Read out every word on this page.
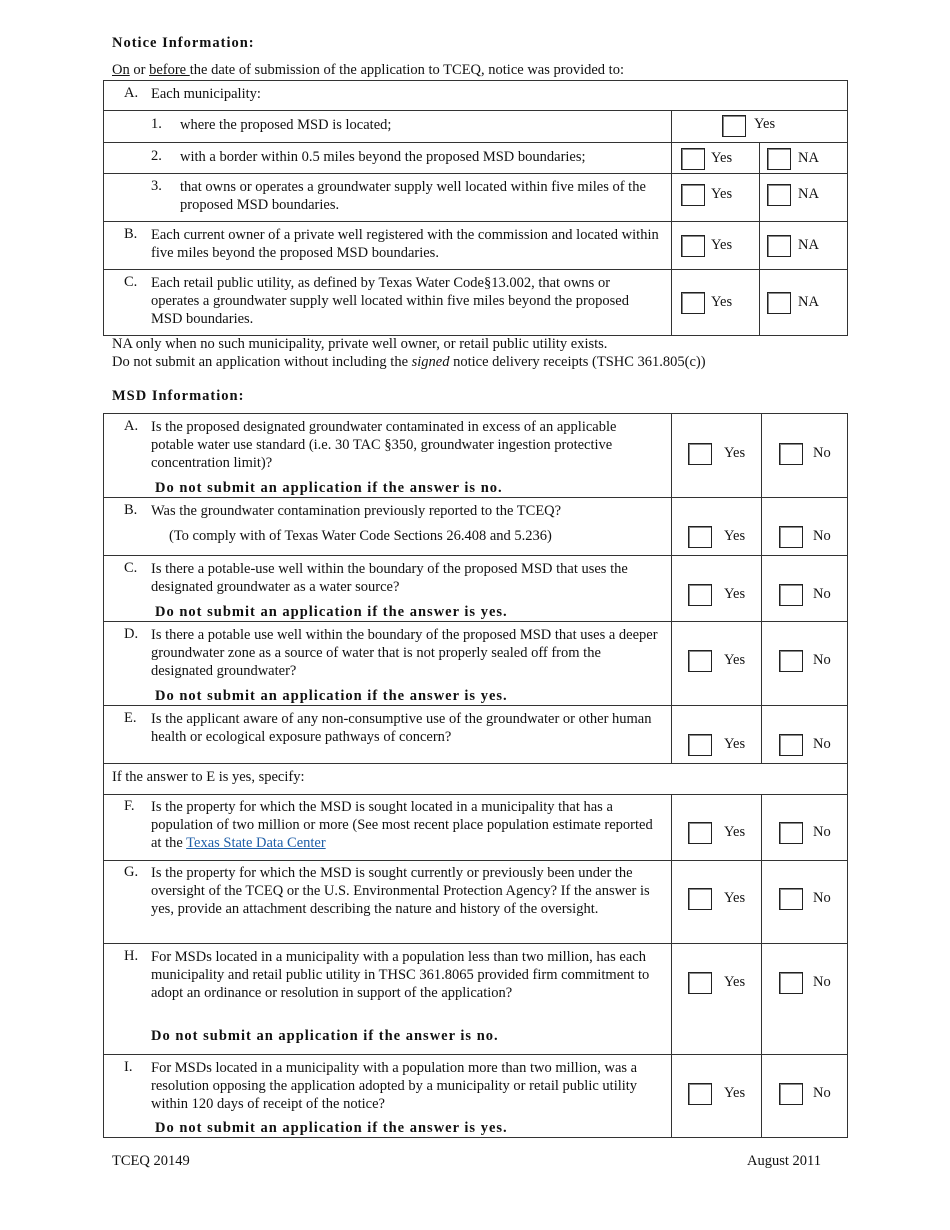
Notice Information:
On or before the date of submission of the application to TCEQ, notice was provided to:
A. Each municipality:		

1. where the proposed MSD is located;	Yes	

2. with a border within 0.5 miles beyond the proposed MSD boundaries;	Yes	NA

3. that owns or operates a groundwater supply well located within five miles of the proposed MSD boundaries.	Yes	NA

B. Each current owner of a private well registered with the commission and located within five miles beyond the proposed MSD boundaries.	Yes	NA

C. Each retail public utility, as defined by Texas Water Code§13.002, that owns or operates a groundwater supply well located within five miles beyond the proposed MSD boundaries.	Yes	NA
NA only when no such municipality, private well owner, or retail public utility exists.
Do not submit an application without including the signed notice delivery receipts (TSHC 361.805(c))
MSD Information:
A. Is the proposed designated groundwater contaminated in excess of an applicable potable water use standard (i.e. 30 TAC §350, groundwater ingestion protective concentration limit)?
Do not submit an application if the answer is no.	Yes	No

B. Was the groundwater contamination previously reported to the TCEQ?
(To comply with of Texas Water Code Sections 26.408 and 5.236)	Yes	No

C. Is there a potable-use well within the boundary of the proposed MSD that uses the designated groundwater as a water source?
Do not submit an application if the answer is yes.	Yes	No

D. Is there a potable use well within the boundary of the proposed MSD that uses a deeper groundwater zone as a source of water that is not properly sealed off from the designated groundwater?
Do not submit an application if the answer is yes.	Yes	No

E. Is the applicant aware of any non-consumptive use of the groundwater or other human health or ecological exposure pathways of concern?	Yes	No

If the answer to E is yes, specify:		

F. Is the property for which the MSD is sought located in a municipality that has a population of two million or more (See most recent place population estimate reported at the Texas State Data Center	Yes	No

G. Is the property for which the MSD is sought currently or previously been under the oversight of the TCEQ or the U.S. Environmental Protection Agency? If the answer is yes, provide an attachment describing the nature and history of the oversight.	Yes	No

H. For MSDs located in a municipality with a population less than two million, has each municipality and retail public utility in THSC 361.8065 provided firm commitment to adopt an ordinance or resolution in support of the application?
Do not submit an application if the answer is no.	Yes	No

I. For MSDs located in a municipality with a population more than two million, was a resolution opposing the application adopted by a municipality or retail public utility within 120 days of receipt of the notice?
Do not submit an application if the answer is yes.	Yes	No
TCEQ 20149	August 2011
